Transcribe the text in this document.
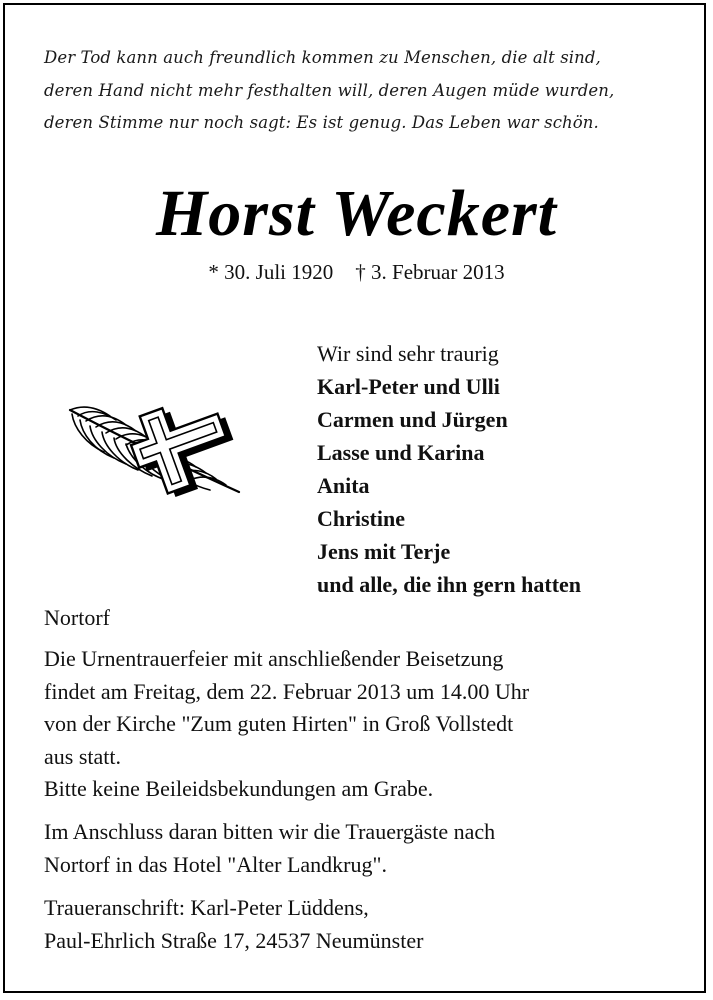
Der Tod kann auch freundlich kommen zu Menschen, die alt sind,
deren Hand nicht mehr festhalten will, deren Augen müde wurden,
deren Stimme nur noch sagt: Es ist genug. Das Leben war schön.
Horst Weckert
* 30. Juli 1920 † 3. Februar 2013
Wir sind sehr traurig
Karl-Peter und Ulli
Carmen und Jürgen
Lasse und Karina
Anita
Christine
Jens mit Terje
und alle, die ihn gern hatten
Nortorf
Die Urnentrauerfeier mit anschließender Beisetzung
findet am Freitag, dem 22. Februar 2013 um 14.00 Uhr
von der Kirche "Zum guten Hirten" in Groß Vollstedt
aus statt.
Bitte keine Beileidsbekundungen am Grabe.
Im Anschluss daran bitten wir die Trauergäste nach
Nortorf in das Hotel "Alter Landkrug".
Traueranschrift: Karl-Peter Lüddens,
Paul-Ehrlich Straße 17, 24537 Neumünster
